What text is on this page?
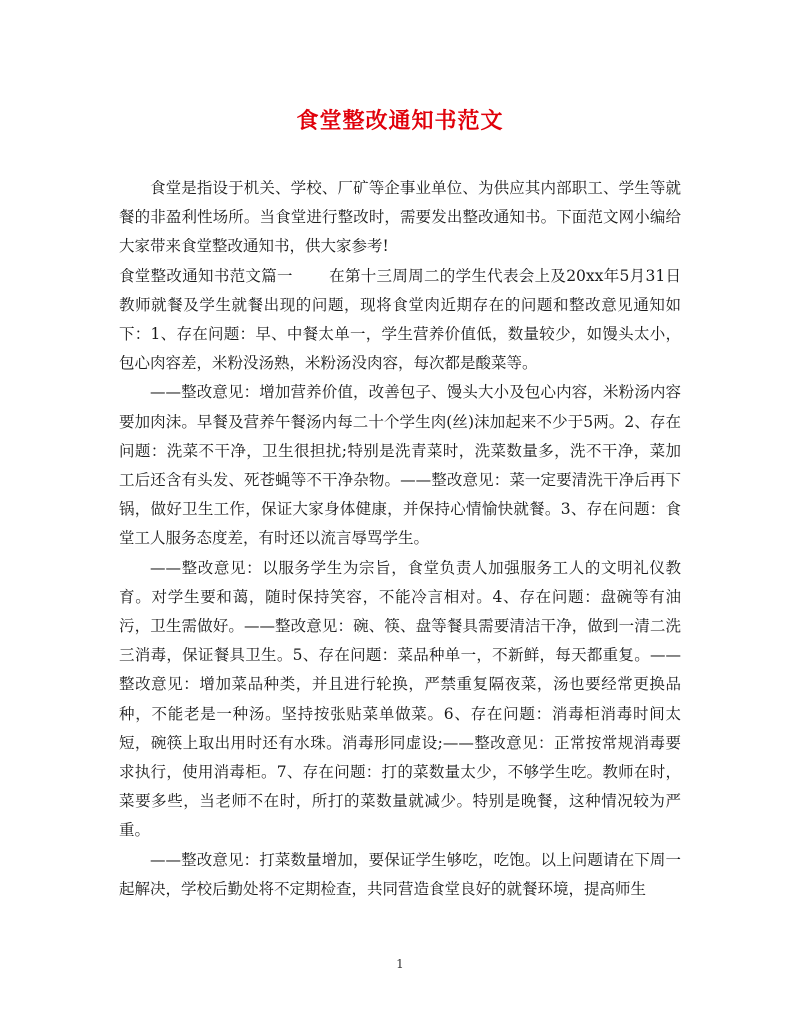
食堂整改通知书范文

食堂是指设于机关、学校、厂矿等企事业单位、为供应其内部职工、学生等就餐的非盈利性场所。当食堂进行整改时，需要发出整改通知书。下面范文网小编给大家带来食堂整改通知书，供大家参考!

食堂整改通知书范文篇一 在第十三周周二的学生代表会上及20xx年5月31日教师就餐及学生就餐出现的问题，现将食堂肉近期存在的问题和整改意见通知如下：1、存在问题：早、中餐太单一，学生营养价值低，数量较少，如馒头太小，包心肉容差，米粉没汤熟，米粉汤没肉容，每次都是酸菜等。

——整改意见：增加营养价值，改善包子、馒头大小及包心内容，米粉汤内容要加肉沫。早餐及营养午餐汤内每二十个学生肉(丝)沫加起来不少于5两。2、存在问题：洗菜不干净，卫生很担扰;特别是洗青菜时，洗菜数量多，洗不干净，菜加工后还含有头发、死苍蝇等不干净杂物。——整改意见：菜一定要清洗干净后再下锅，做好卫生工作，保证大家身体健康，并保持心情愉快就餐。3、存在问题：食堂工人服务态度差，有时还以流言辱骂学生。

——整改意见：以服务学生为宗旨，食堂负责人加强服务工人的文明礼仪教育。对学生要和蔼，随时保持笑容，不能冷言相对。4、存在问题：盘碗等有油污，卫生需做好。——整改意见：碗、筷、盘等餐具需要清洁干净，做到一清二洗三消毒，保证餐具卫生。5、存在问题：菜品种单一，不新鲜，每天都重复。——整改意见：增加菜品种类，并且进行轮换，严禁重复隔夜菜，汤也要经常更换品种，不能老是一种汤。坚持按张贴菜单做菜。6、存在问题：消毒柜消毒时间太短，碗筷上取出用时还有水珠。消毒形同虚设;——整改意见：正常按常规消毒要求执行，使用消毒柜。7、存在问题：打的菜数量太少，不够学生吃。教师在时，菜要多些，当老师不在时，所打的菜数量就减少。特别是晚餐，这种情况较为严重。

——整改意见：打菜数量增加，要保证学生够吃，吃饱。以上问题请在下周一起解决，学校后勤处将不定期检查，共同营造食堂良好的就餐环境，提高师生

1
